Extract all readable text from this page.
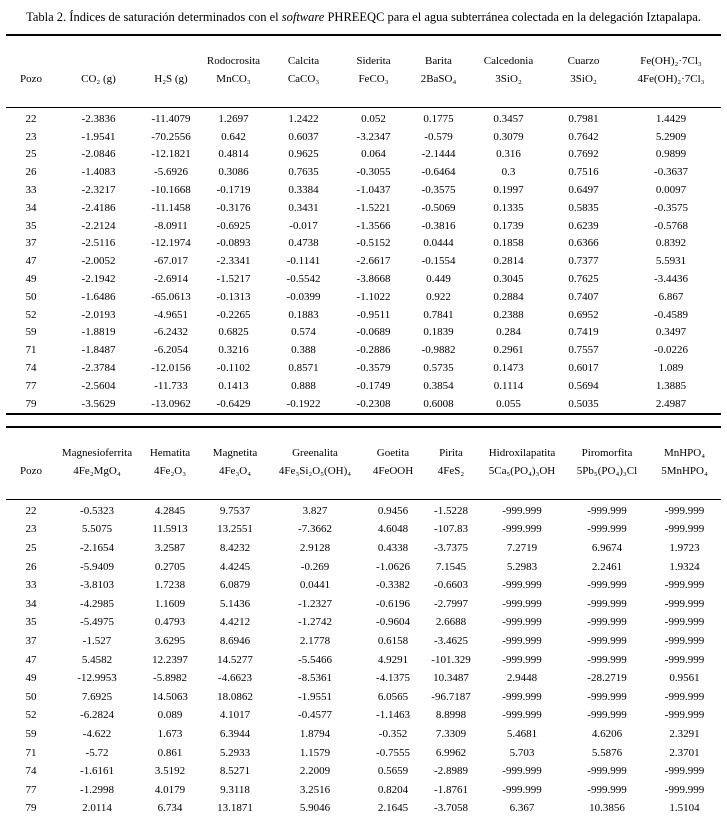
Tabla 2. Índices de saturación determinados con el software PHREEQC para el agua subterránea colectada en la delegación Iztapalapa.

			Rodocrosita	Calcita	Siderita	Barita	Calcedonia	Cuarzo	Fe(OH)₂·7Cl₃
Pozo	CO₂ (g)	H₂S (g)	MnCO₃	CaCO₃	FeCO₃	2BaSO₄	3SiO₂	3SiO₂	4Fe(OH)₂·7Cl₃
22	-2.3836	-11.4079	1.2697	1.2422	0.052	0.1775	0.3457	0.7981	1.4429
23	-1.9541	-70.2556	0.642	0.6037	-3.2347	-0.579	0.3079	0.7642	5.2909
25	-2.0846	-12.1821	0.4814	0.9625	0.064	-2.1444	0.316	0.7692	0.9899
26	-1.4083	-5.6926	0.3086	0.7635	-0.3055	-0.6464	0.3	0.7516	-0.3637
33	-2.3217	-10.1668	-0.1719	0.3384	-1.0437	-0.3575	0.1997	0.6497	0.0097
34	-2.4186	-11.1458	-0.3176	0.3431	-1.5221	-0.5069	0.1335	0.5835	-0.3575
35	-2.2124	-8.0911	-0.6925	-0.017	-1.3566	-0.3816	0.1739	0.6239	-0.5768
37	-2.5116	-12.1974	-0.0893	0.4738	-0.5152	0.0444	0.1858	0.6366	0.8392
47	-2.0052	-67.017	-2.3341	-0.1141	-2.6617	-0.1554	0.2814	0.7377	5.5931
49	-2.1942	-2.6914	-1.5217	-0.5542	-3.8668	0.449	0.3045	0.7625	-3.4436
50	-1.6486	-65.0613	-0.1313	-0.0399	-1.1022	0.922	0.2884	0.7407	6.867
52	-2.0193	-4.9651	-0.2265	0.1883	-0.9511	0.7841	0.2388	0.6952	-0.4589
59	-1.8819	-6.2432	0.6825	0.574	-0.0689	0.1839	0.284	0.7419	0.3497
71	-1.8487	-6.2054	0.3216	0.388	-0.2886	-0.9882	0.2961	0.7557	-0.0226
74	-2.3784	-12.0156	-0.1102	0.8571	-0.3579	0.5735	0.1473	0.6017	1.089
77	-2.5604	-11.733	0.1413	0.888	-0.1749	0.3854	0.1114	0.5694	1.3885
79	-3.5629	-13.0962	-0.6429	-0.1922	-0.2308	0.6008	0.055	0.5035	2.4987
	Magnesioferrita	Hematita	Magnetita	Greenalita	Goetita	Pirita	Hidroxilapatita	Piromorfita	MnHPO₄
Pozo	4Fe₂MgO₄	4Fe₂O₃	4Fe₃O₄	4Fe₃Si₂O₅(OH)₄	4FeOOH	4FeS₂	5Ca₅(PO₄)₃OH	5Pb₅(PO₄)₃Cl	5MnHPO₄
22	-0.5323	4.2845	9.7537	3.827	0.9456	-1.5228	-999.999	-999.999	-999.999
23	5.5075	11.5913	13.2551	-7.3662	4.6048	-107.83	-999.999	-999.999	-999.999
25	-2.1654	3.2587	8.4232	2.9128	0.4338	-3.7375	7.2719	6.9674	1.9723
26	-5.9409	0.2705	4.4245	-0.269	-1.0626	7.1545	5.2983	2.2461	1.9324
33	-3.8103	1.7238	6.0879	0.0441	-0.3382	-0.6603	-999.999	-999.999	-999.999
34	-4.2985	1.1609	5.1436	-1.2327	-0.6196	-2.7997	-999.999	-999.999	-999.999
35	-5.4975	0.4793	4.4212	-1.2742	-0.9604	2.6688	-999.999	-999.999	-999.999
37	-1.527	3.6295	8.6946	2.1778	0.6158	-3.4625	-999.999	-999.999	-999.999
47	5.4582	12.2397	14.5277	-5.5466	4.9291	-101.329	-999.999	-999.999	-999.999
49	-12.9953	-5.8982	-4.6623	-8.5361	-4.1375	10.3487	2.9448	-28.2719	0.9561
50	7.6925	14.5063	18.0862	-1.9551	6.0565	-96.7187	-999.999	-999.999	-999.999
52	-6.2824	0.089	4.1017	-0.4577	-1.1463	8.8998	-999.999	-999.999	-999.999
59	-4.622	1.673	6.3944	1.8794	-0.352	7.3309	5.4681	4.6206	2.3291
71	-5.72	0.861	5.2933	1.1579	-0.7555	6.9962	5.703	5.5876	2.3701
74	-1.6161	3.5192	8.5271	2.2009	0.5659	-2.8989	-999.999	-999.999	-999.999
77	-1.2998	4.0179	9.3118	3.2516	0.8204	-1.8761	-999.999	-999.999	-999.999
79	2.0114	6.734	13.1871	5.9046	2.1645	-3.7058	6.367	10.3856	1.5104
